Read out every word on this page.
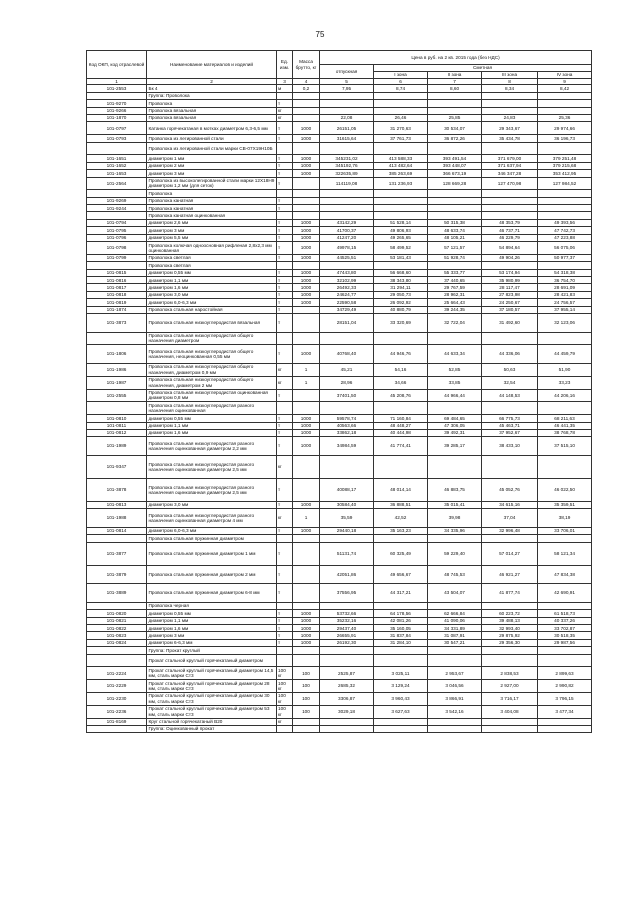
75
Код ОКП, код отраслевой	Наименование материалов и изделий	Ед. изм.	Масса брутто, кг	Цена в руб. на 2 кв. 2015 года (без НДС)				
				отпускная	Сметная			
					I зона	II зона	III зона	IV зона
1	2	3	4	5	6	7	8	9
101-2553	Бк 4	м	0,2	7,95	8,74	8,60	8,34	8,42
	Группа: Проволока							
101-9270	Проволока	т						
101-9266	Проволока вязальная	кг						
101-1870	Проволока вязальная	кг		22,08	26,46	25,85	24,83	25,36
101-0797	Катанка горячекатаная в мотках диаметром 6,3-6,5 мм	т	1000	26151,05	31 270,63	30 534,07	29 343,67	29 974,66
101-0793	Проволока из легированной стали	т	1000	31615,64	37 761,73	36 872,26	35 434,78	36 196,73
	Проволока из легированной стали марки СВ-07Х19Н10Б							
101-1651	диаметром 1 мм	т	1000	345231,02	413 588,33	393 491,54	371 679,00	379 251,48
101-1652	диаметром 2 мм	т	1000	345192,76	413 482,64	393 448,07	371 637,94	379 215,68
101-1653	диаметром 3 мм	т	1000	322635,89	385 263,69	366 673,19	346 347,28	353 412,95
101-2564	Проволока из высоколегированной стали марки 12Х18Н9 диаметром 1,2 мм (для сеток)	т		114119,08	131 236,93	128 669,28	127 470,98	127 984,52
	Проволока							
101-9269	Проволока канатная	т						
101-9244	Проволока канатная	т						
	Проволока канатная оцинкованная							
101-0794	диаметром 2,6 мм	т	1000	43142,29	51 528,14	50 315,38	48 353,79	49 393,56
101-0795	диаметром 3 мм	т	1000	41700,37	49 806,93	48 633,74	46 737,71	47 742,73
101-0796	диаметром 5,5 мм	т	1000	41247,20	49 265,65	48 105,21	46 229,79	47 223,88
101-0798	Проволока колючая одноосновная рифленая 2,8х2,3 мм оцинкованная	т	1000	49978,15	58 499,52	57 121,57	54 894,64	56 075,06
101-0799	Проволока светлая	т	1000	44525,51	53 181,43	51 928,74	49 904,26	50 977,37
	Проволока светлая							
101-0815	диаметром 0,55 мм	т	1000	47443,80	56 668,60	55 333,77	53 174,94	54 318,38
101-0816	диаметром 1,1 мм	т	1000	32102,99	38 343,80	37 440,65	35 980,99	36 754,70
101-0817	диаметром 1,6 мм	т	1000	26492,33	31 294,11	29 767,59	28 117,47	28 691,09
101-0818	диаметром 3,0 мм	т	1000	24624,77	29 050,73	28 962,31	27 823,98	28 421,83
101-0819	диаметром 6,0-6,3 мм	т	1000	22590,58	26 092,92	25 664,43	24 250,67	24 756,57
101-1874	Проволока стальная наростойная	т		34729,49	40 880,79	39 244,35	37 180,57	37 955,14
101-3873	Проволока стальная низкоуглеродистая вязальная	т		28151,04	33 320,69	32 722,04	31 492,60	32 123,06
	Проволока стальная низкоуглеродистая общего назначения диаметром							
101-1806	Проволока стальная низкоуглеродистая общего назначения, неоцинкованная 0,55 мм	т	1000	40768,40	44 946,76	44 633,34	44 336,06	44 459,79
101-1986	Проволока стальная низкоуглеродистая общего назначения, диаметром 0,9 мм	кг	1	45,21	54,16	52,85	50,63	51,90
101-1987	Проволока стальная низкоуглеродистая общего назначения, диаметром 2 мм	кг	1	28,96	34,66	33,85	32,54	33,23
101-2555	Проволока стальная низкоуглеродистая оцинкованная диаметром 0,8 мм	т		37401,50	45 208,76	44 966,44	44 148,53	44 206,16
	Проволока стальная низкоуглеродистая разного назначения оцинкованная							
101-0810	диаметром 0,55 мм	т	1000	59578,74	71 160,84	69 484,65	66 775,73	68 211,63
101-0811	диаметром 1,1 мм	т	1000	40563,66	48 448,27	47 306,05	45 463,71	46 441,35
101-0812	диаметром 1,6 мм	т	1000	33862,18	40 444,98	39 492,31	37 952,67	38 768,78
101-1989	Проволока стальная низкоуглеродистая разного назначения оцинкованная диаметром 2,2 мм	т	1000	34984,59	41 774,41	39 285,17	38 433,10	37 515,10
101-9347	Проволока стальная низкоуглеродистая разного назначения оцинкованная диаметром 2,5 мм	кг						
101-3878	Проволока стальная низкоуглеродистая разного назначения оцинкованная диаметром 2,5 мм	т		40088,17	48 014,14	46 883,75	45 052,76	46 022,50
101-0813	диаметром 3,0 мм	т	1000	30584,40	36 888,51	35 015,41	34 615,16	35 359,51
101-1988	Проволока стальная низкоуглеродистая разного назначения оцинкованная диаметром 4 мм	кг	1	35,59	42,52	39,98	37,04	38,19
101-0814	диаметром 6,0-6,3 мм	т	1000	29440,18	35 163,23	34 335,96	32 996,48	33 706,01
	Проволока стальная пружинная диаметром							
101-3877	Проволока стальная пружинная диаметром 1 мм	т		51131,74	60 325,49	59 229,40	57 014,27	58 121,34
101-3879	Проволока стальная пружинная диаметром 2 мм	т		42051,86	49 656,67	48 745,53	46 921,27	47 834,38
101-3889	Проволока стальная пружинная диаметром 6-8 мм	т		37556,95	44 317,21	43 504,07	41 877,74	42 690,91
	Проволока черная							
101-0820	диаметром 0,55 мм	т	1000	53732,66	64 178,56	62 666,84	60 223,72	61 518,73
101-0821	диаметром 1,1 мм	т	1000	35232,16	42 081,26	41 090,06	39 488,13	40 337,26
101-0822	диаметром 1,6 мм	т	1000	29437,40	35 160,05	34 331,89	32 993,40	33 702,87
101-0823	диаметром 3 мм	т	1000	26655,91	31 837,84	31 087,91	29 875,92	30 518,35
101-0824	диаметром 6-6,3 мм	т	1000	26192,30	31 284,10	30 547,21	29 356,30	29 987,56
	Группа: Прокат круглый							
	Прокат стальной круглый горячекатаный диаметром							
101-2224	Прокат стальной круглый горячекатаный диаметром 14,5 мм, сталь марки Ст3	100 кг	100	2525,87	3 025,11	2 953,67	2 838,53	2 899,63
101-2229	Прокат стальной круглый горячекатаный диаметром 28 мм, сталь марки Ст3	100 кг	100	2685,32	3 129,24	3 046,56	2 927,00	2 990,82
101-2230	Прокат стальной круглый горячекатаный диаметром 30 мм, сталь марки Ст3	100 кг	100	3306,87	3 960,43	3 866,91	3 716,17	3 796,15
101-2236	Прокат стальной круглый горячекатаный диаметром 53 мм, сталь марки Ст3	100 кг	100	3029,18	3 627,63	3 542,16	3 404,08	3 477,34
101-8169	Круг стальной горячекатаный В20	кг						
	Группа: Оцинкованный прокат							
